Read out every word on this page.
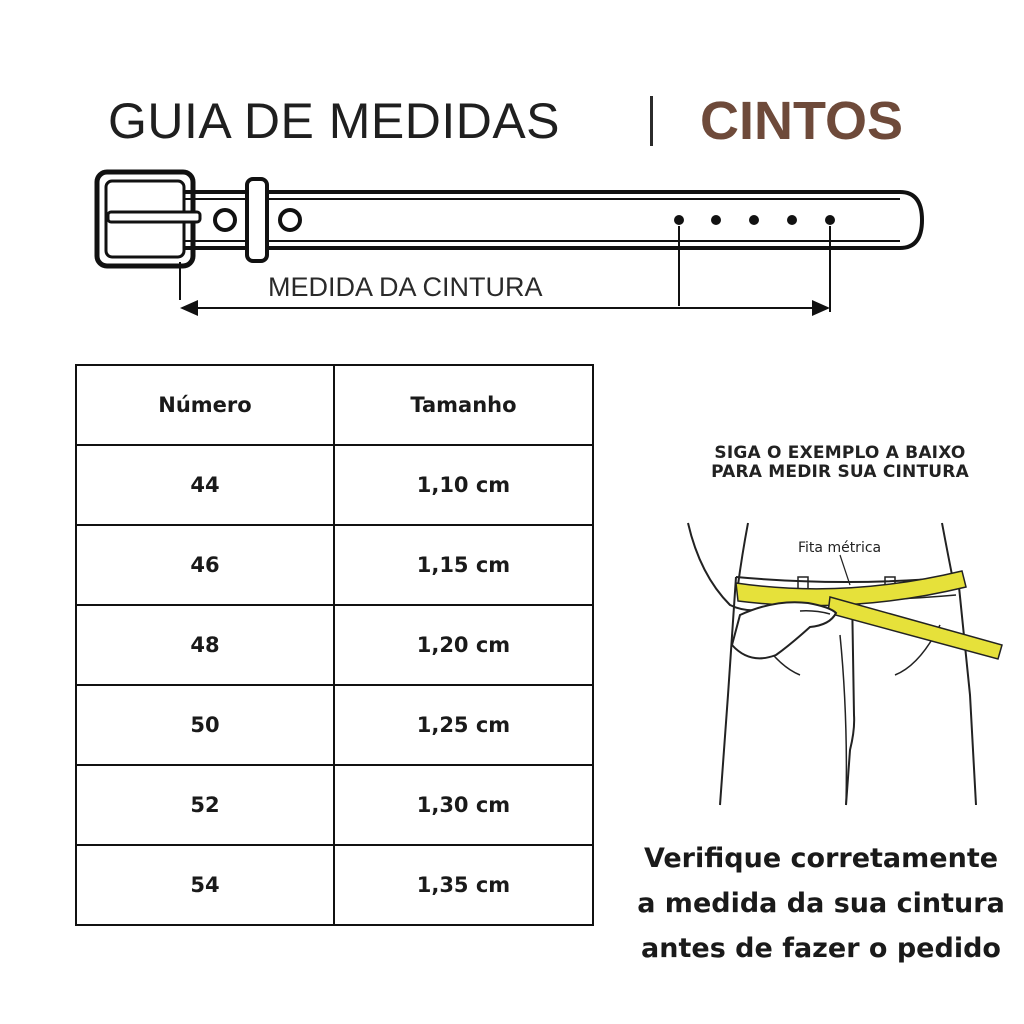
GUIA DE MEDIDAS	CINTOS
MEDIDA DA CINTURA
Número	Tamanho
44	1,10 cm
46	1,15 cm
48	1,20 cm
50	1,25 cm
52	1,30 cm
54	1,35 cm
SIGA O EXEMPLO A BAIXO
PARA MEDIR SUA CINTURA
Fita métrica
Verifique corretamente
a medida da sua cintura
antes de fazer o pedido
